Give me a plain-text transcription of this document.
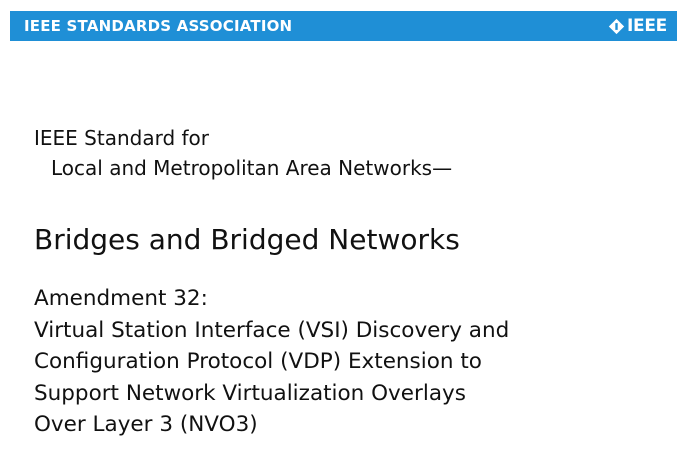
IEEE STANDARDS ASSOCIATION	IEEE
IEEE Standard for
Local and Metropolitan Area Networks—
Bridges and Bridged Networks
Amendment 32:
Virtual Station Interface (VSI) Discovery and
Configuration Protocol (VDP) Extension to
Support Network Virtualization Overlays
Over Layer 3 (NVO3)
